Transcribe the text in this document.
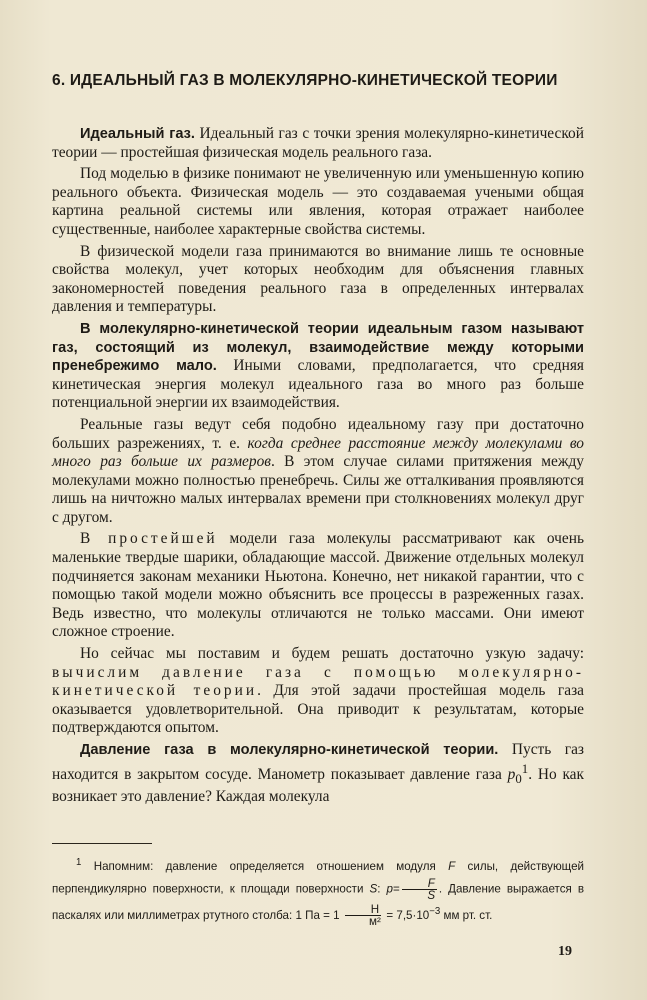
6. ИДЕАЛЬНЫЙ ГАЗ В МОЛЕКУЛЯРНО-КИНЕТИЧЕСКОЙ ТЕОРИИ

Идеальный газ. Идеальный газ с точки зрения молекулярно-кинетической теории — простейшая физическая модель реального газа.

Под моделью в физике понимают не увеличенную или уменьшенную копию реального объекта. Физическая модель — это создаваемая учеными общая картина реальной системы или явления, которая отражает наиболее существенные, наиболее характерные свойства системы.

В физической модели газа принимаются во внимание лишь те основные свойства молекул, учет которых необходим для объяснения главных закономерностей поведения реального газа в определенных интервалах давления и температуры.

В молекулярно-кинетической теории идеальным газом называют газ, состоящий из молекул, взаимодействие между которыми пренебрежимо мало. Иными словами, предполагается, что средняя кинетическая энергия молекул идеального газа во много раз больше потенциальной энергии их взаимодействия.

Реальные газы ведут себя подобно идеальному газу при достаточно больших разрежениях, т. е. когда среднее расстояние между молекулами во много раз больше их размеров. В этом случае силами притяжения между молекулами можно полностью пренебречь. Силы же отталкивания проявляются лишь на ничтожно малых интервалах времени при столкновениях молекул друг с другом.

В простейшей модели газа молекулы рассматривают как очень маленькие твердые шарики, обладающие массой. Движение отдельных молекул подчиняется законам механики Ньютона. Конечно, нет никакой гарантии, что с помощью такой модели можно объяснить все процессы в разреженных газах. Ведь известно, что молекулы отличаются не только массами. Они имеют сложное строение.

Но сейчас мы поставим и будем решать достаточно узкую задачу: вычислим давление газа с помощью молекулярно-кинетической теории. Для этой задачи простейшая модель газа оказывается удовлетворительной. Она приводит к результатам, которые подтверждаются опытом.

Давление газа в молекулярно-кинетической теории. Пусть газ находится в закрытом сосуде. Манометр показывает давление газа $p_0^1$. Но как возникает это давление? Каждая молекула

$^1$ Напомним: давление определяется отношением модуля F силы, действующей перпендикулярно поверхности, к площади поверхности S: $p= \frac{F}{S}$ . Давление выражается в паскалях или миллиметрах ртутного столба: 1 Па = $1 \frac{Н}{\text{м²}} = 7,5\cdot 10^{-3}$ мм рт. ст.
19
